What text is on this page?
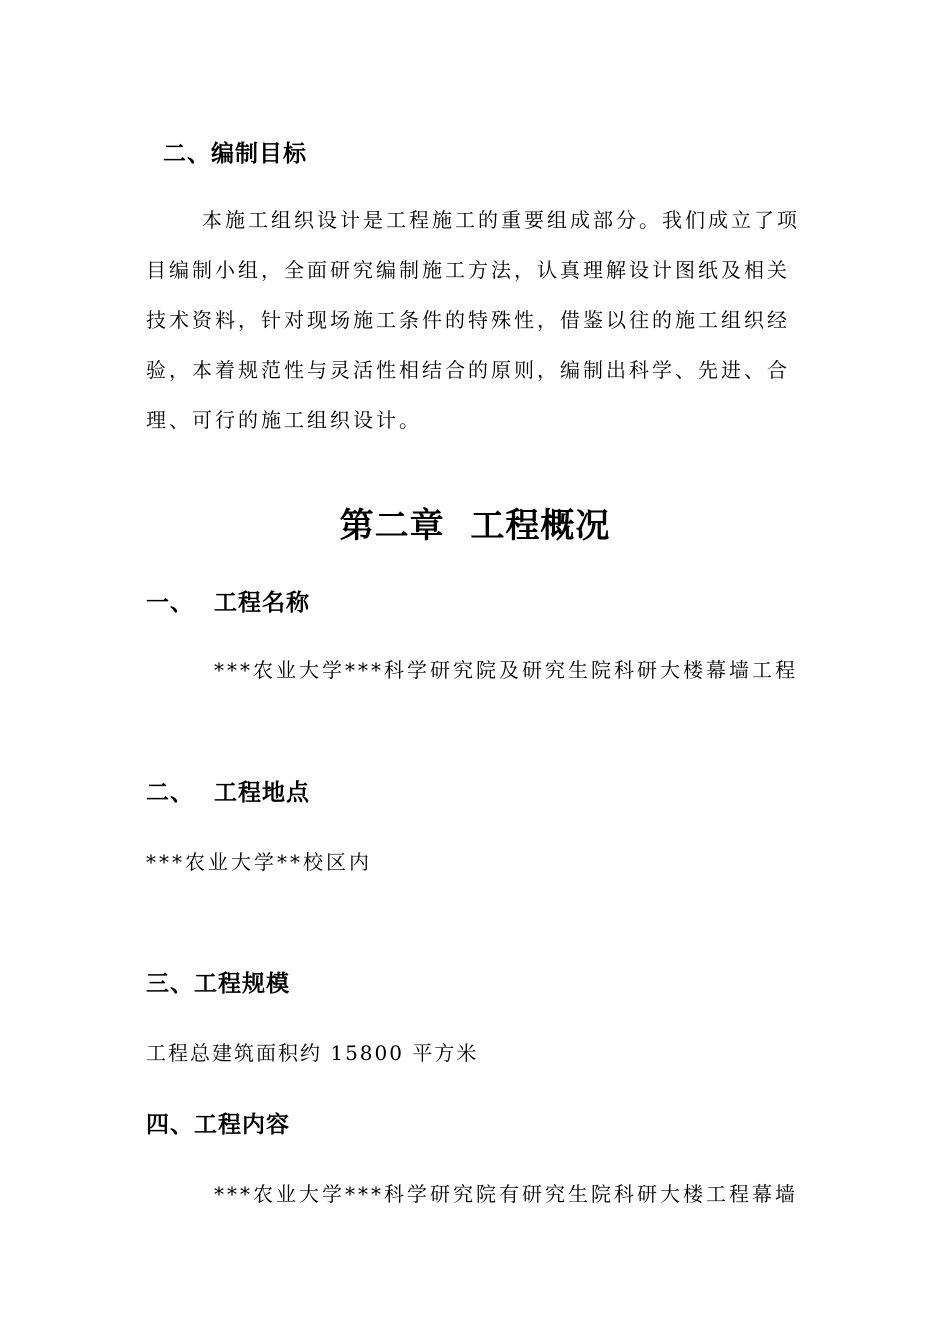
二、编制目标
本施工组织设计是工程施工的重要组成部分。我们成立了项
目编制小组，全面研究编制施工方法，认真理解设计图纸及相关
技术资料，针对现场施工条件的特殊性，借鉴以往的施工组织经
验，本着规范性与灵活性相结合的原则，编制出科学、先进、合
理、可行的施工组织设计。
第二章  工程概况
一、 工程名称
***农业大学***科学研究院及研究生院科研大楼幕墙工程
二、 工程地点
***农业大学**校区内
三、工程规模
工程总建筑面积约 15800 平方米
四、工程内容
***农业大学***科学研究院有研究生院科研大楼工程幕墙
